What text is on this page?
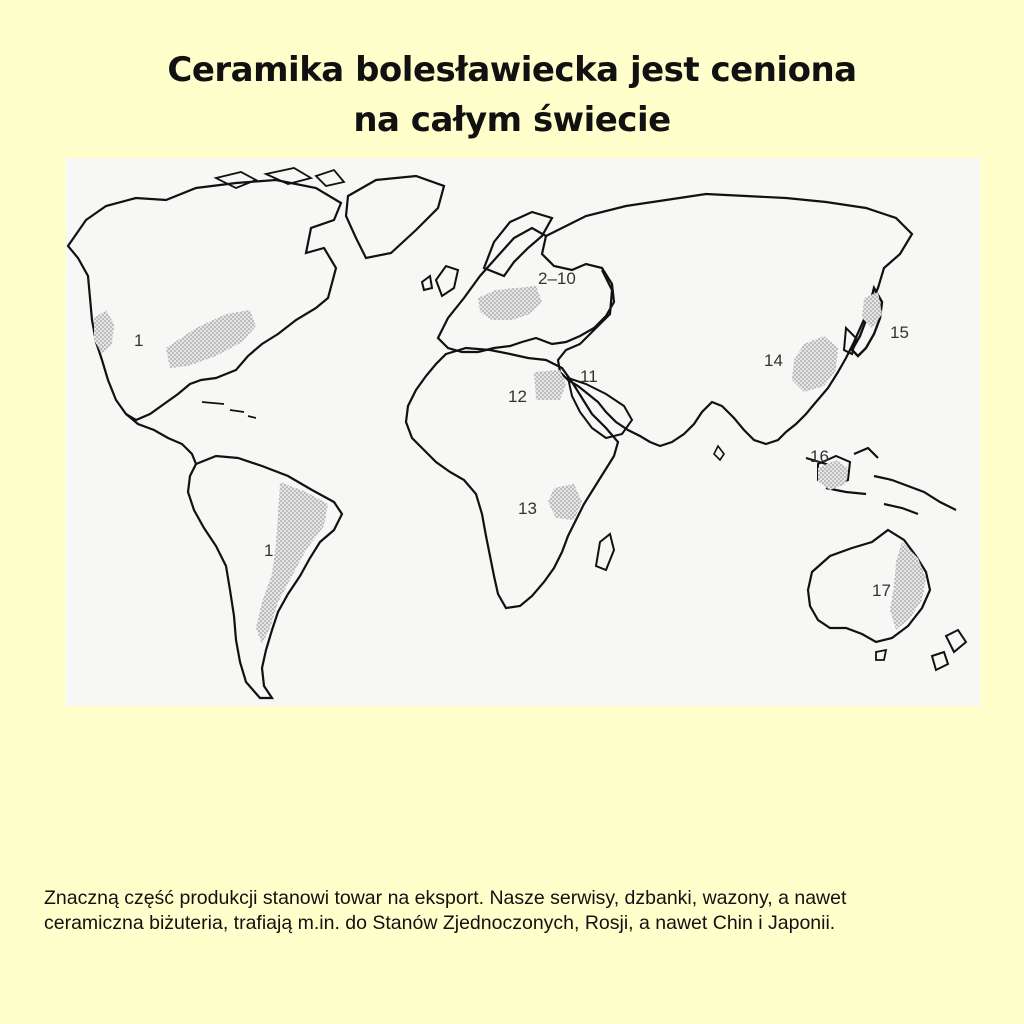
Ceramika bolesławiecka jest ceniona
na całym świecie
1
1
2–10
11
12
13
14
15
16
17

Znaczną część produkcji stanowi towar na eksport. Nasze serwisy, dzbanki, wazony, a nawet
ceramiczna biżuteria, trafiają m.in. do Stanów Zjednoczonych, Rosji, a nawet Chin i Japonii.
